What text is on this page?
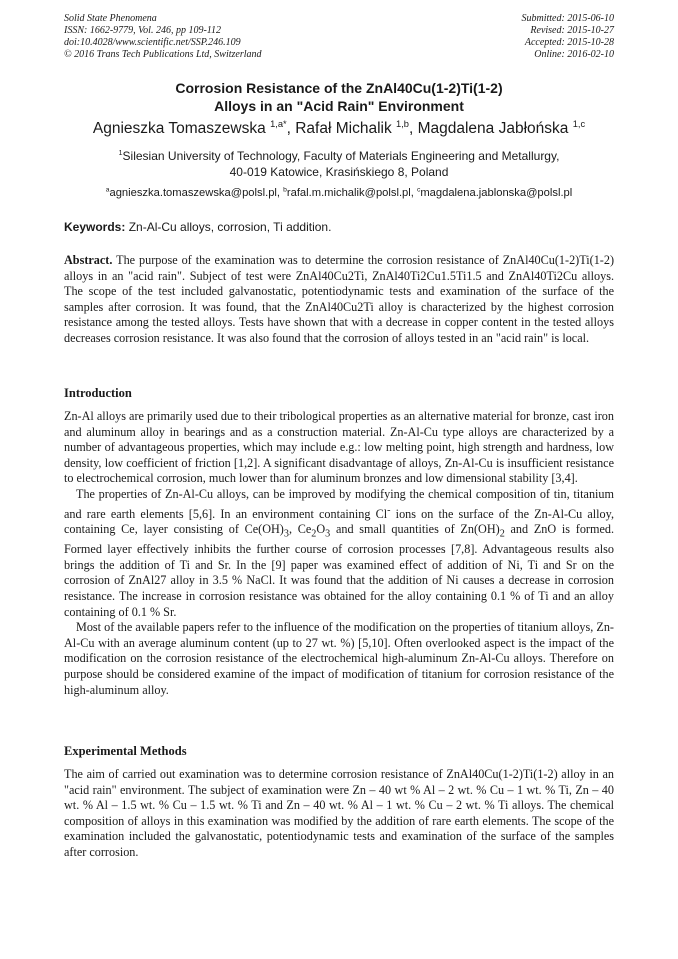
Solid State Phenomena
ISSN: 1662-9779, Vol. 246, pp 109-112
doi:10.4028/www.scientific.net/SSP.246.109
© 2016 Trans Tech Publications Ltd, Switzerland
Submitted: 2015-06-10
Revised: 2015-10-27
Accepted: 2015-10-28
Online: 2016-02-10
Corrosion Resistance of the ZnAl40Cu(1-2)Ti(1-2)
Alloys in an "Acid Rain" Environment
Agnieszka Tomaszewska $^{1,a*}$, Rafał Michalik $^{1,b}$, Magdalena Jabłońska $^{1,c}$
$^1$Silesian University of Technology, Faculty of Materials Engineering and Metallurgy,
40-019 Katowice, Krasińskiego 8, Poland
$^a$agnieszka.tomaszewska@polsl.pl, $^b$rafal.m.michalik@polsl.pl, $^c$magdalena.jablonska@polsl.pl
Keywords: Zn-Al-Cu alloys, corrosion, Ti addition.

Abstract. The purpose of the examination was to determine the corrosion resistance of ZnAl40Cu(1-2)Ti(1-2) alloys in an "acid rain". Subject of test were ZnAl40Cu2Ti, ZnAl40Ti2Cu1.5Ti1.5 and ZnAl40Ti2Cu alloys. The scope of the test included galvanostatic, potentiodynamic tests and examination of the surface of the samples after corrosion. It was found, that the ZnAl40Cu2Ti alloy is characterized by the highest corrosion resistance among the tested alloys. Tests have shown that with a decrease in copper content in the tested alloys decreases corrosion resistance. It was also found that the corrosion of alloys tested in an "acid rain" is local.

Introduction

Zn-Al alloys are primarily used due to their tribological properties as an alternative material for bronze, cast iron and aluminum alloy in bearings and as a construction material. Zn-Al-Cu type alloys are characterized by a number of advantageous properties, which may include e.g.: low melting point, high strength and hardness, low density, low coefficient of friction [1,2]. A significant disadvantage of alloys, Zn-Al-Cu is insufficient resistance to electrochemical corrosion, much lower than for aluminum bronzes and low dimensional stability [3,4].

The properties of Zn-Al-Cu alloys, can be improved by modifying the chemical composition of tin, titanium and rare earth elements [5,6]. In an environment containing Cl- ions on the surface of the Zn-Al-Cu alloy, containing Ce, layer consisting of $Ce(OH)_3$, $Ce_2O_3$ and small quantities of $Zn(OH)_2$ and ZnO is formed. Formed layer effectively inhibits the further course of corrosion processes [7,8]. Advantageous results also brings the addition of Ti and Sr. In the [9] paper was examined effect of addition of Ni, Ti and Sr on the corrosion of ZnAl27 alloy in 3.5 % NaCl. It was found that the addition of Ni causes a decrease in corrosion resistance. The increase in corrosion resistance was obtained for the alloy containing 0.1 % of Ti and an alloy containing of 0.1 % Sr.

Most of the available papers refer to the influence of the modification on the properties of titanium alloys, Zn-Al-Cu with an average aluminum content (up to 27 wt. %) [5,10]. Often overlooked aspect is the impact of the modification on the corrosion resistance of the electrochemical high-aluminum Zn-Al-Cu alloys. Therefore on purpose should be considered examine of the impact of modification of titanium for corrosion resistance of the high-aluminum alloy.

Experimental Methods

The aim of carried out examination was to determine corrosion resistance of ZnAl40Cu(1-2)Ti(1-2) alloy in an "acid rain" environment. The subject of examination were Zn – 40 wt % Al – 2 wt. % Cu – 1 wt. % Ti, Zn – 40 wt. % Al – 1.5 wt. % Cu – 1.5 wt. % Ti and Zn – 40 wt. % Al – 1 wt. % Cu – 2 wt. % Ti alloys. The chemical composition of alloys in this examination was modified by the addition of rare earth elements. The scope of the examination included the galvanostatic, potentiodynamic tests and examination of the surface of the samples after corrosion.
